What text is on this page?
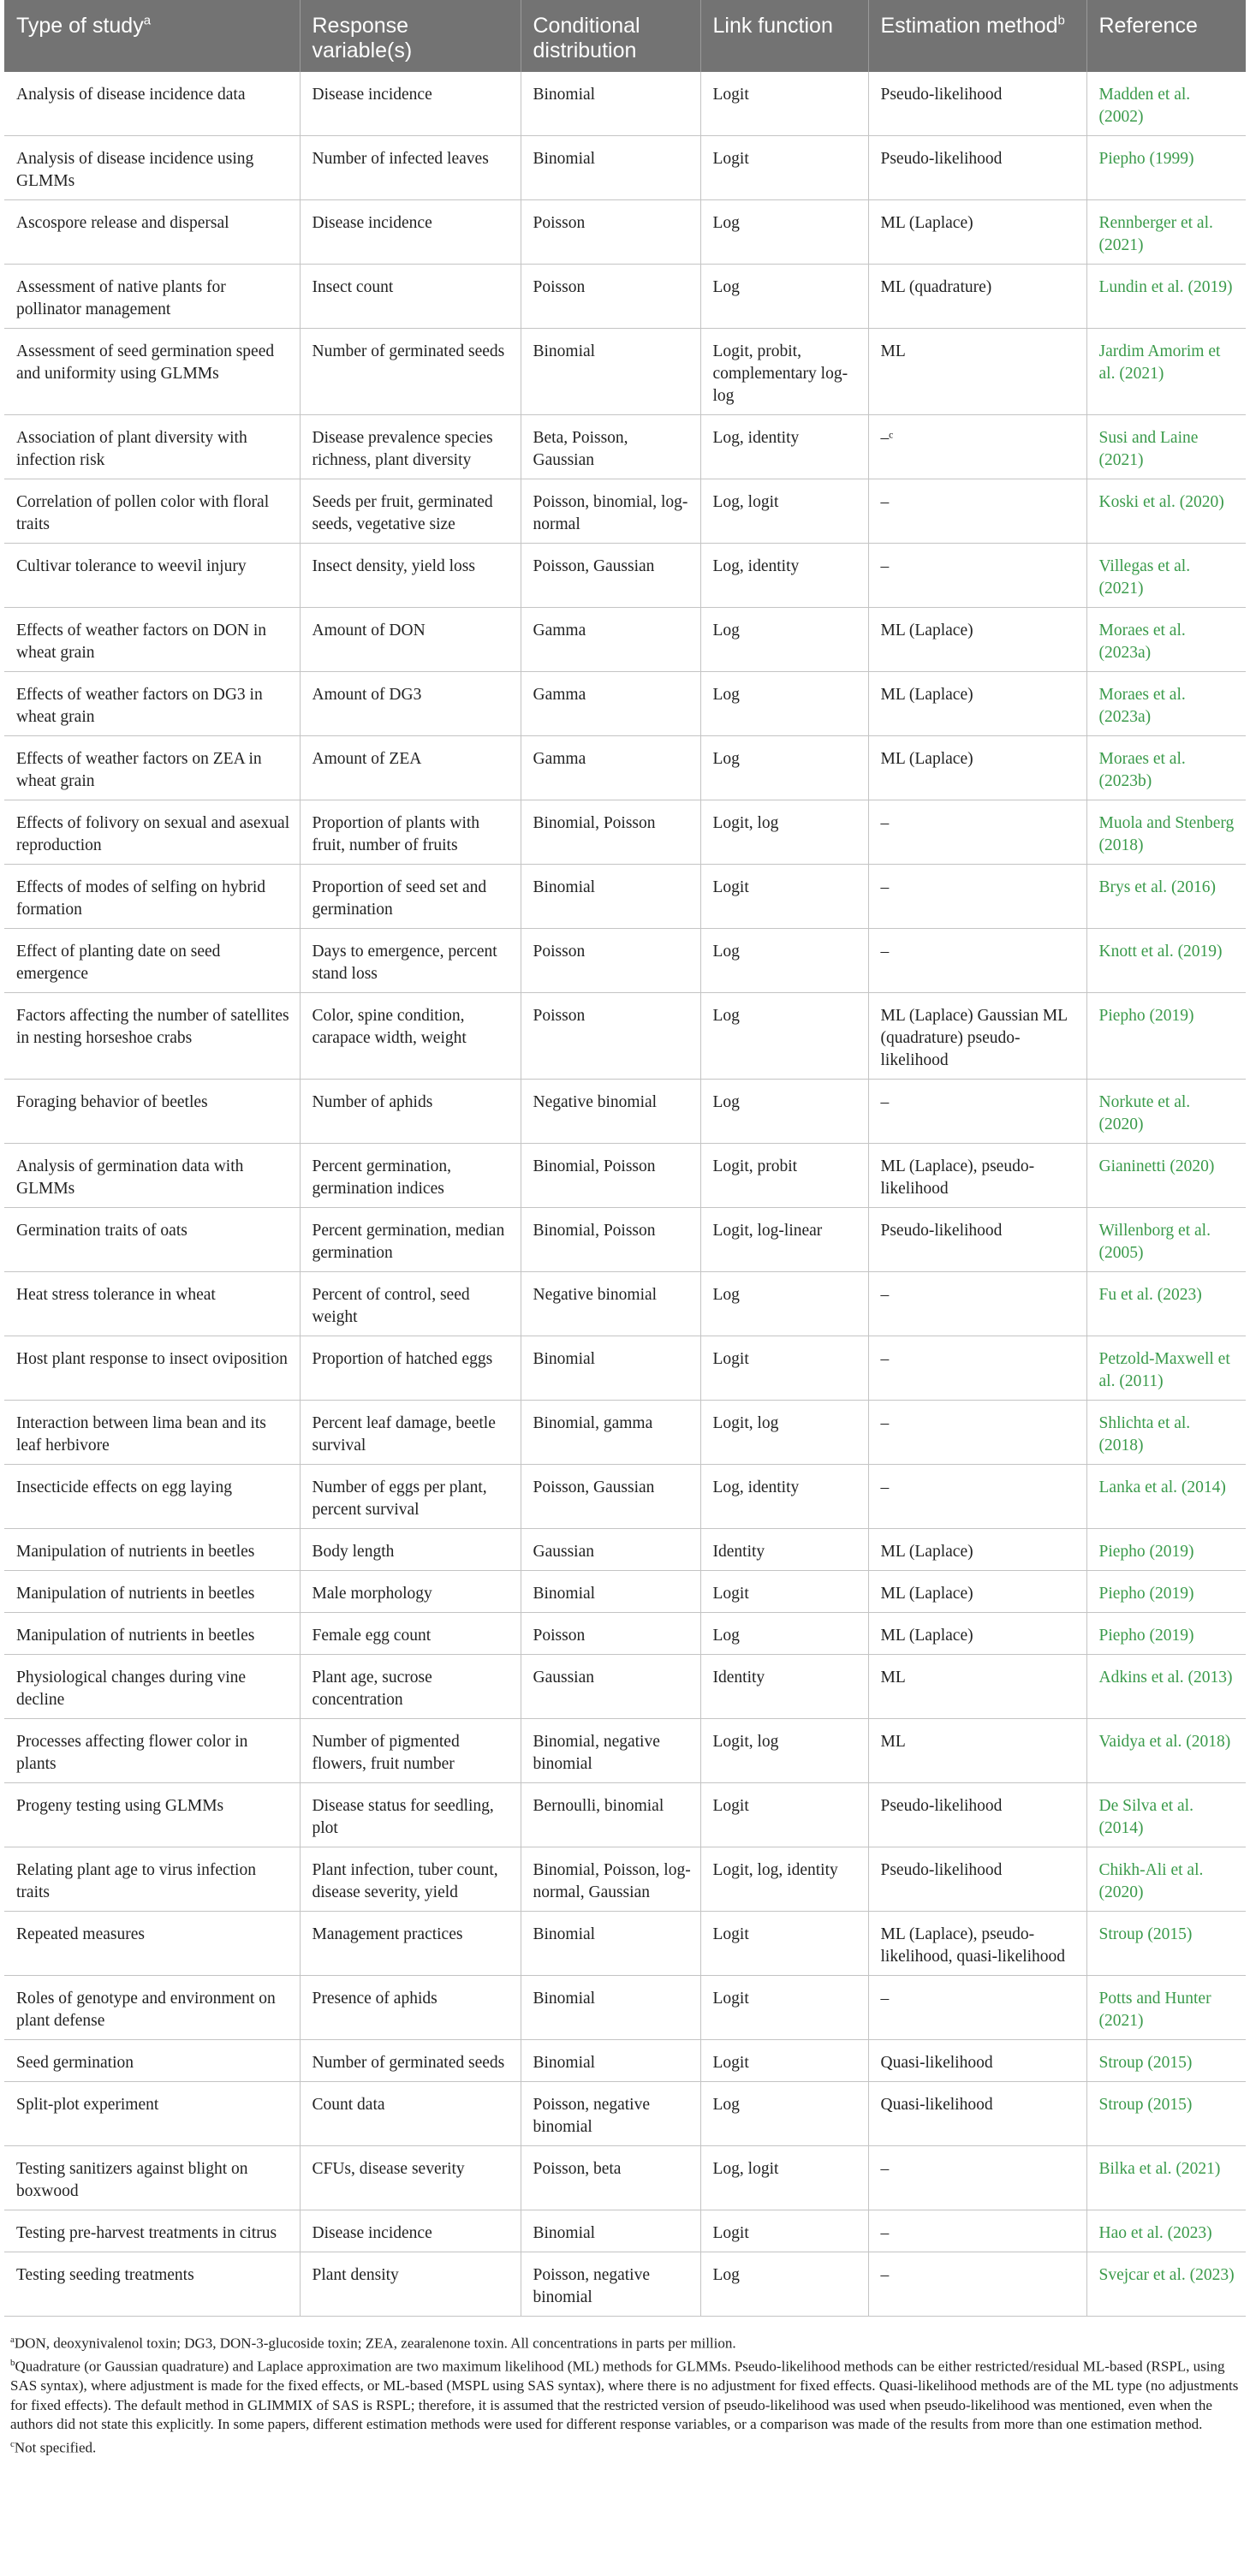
Type of study$^a$	Response variable(s)	Conditional distribution	Link function	Estimation method$^b$	Reference
Analysis of disease incidence data	Disease incidence	Binomial	Logit	Pseudo-likelihood	Madden et al. (2002)
Analysis of disease incidence using GLMMs	Number of infected leaves	Binomial	Logit	Pseudo-likelihood	Piepho (1999)
Ascospore release and dispersal	Disease incidence	Poisson	Log	ML (Laplace)	Rennberger et al. (2021)
Assessment of native plants for pollinator management	Insect count	Poisson	Log	ML (quadrature)	Lundin et al. (2019)
Assessment of seed germination speed and uniformity using GLMMs	Number of germinated seeds	Binomial	Logit, probit, complementary log-log	ML	Jardim Amorim et al. (2021)
Association of plant diversity with infection risk	Disease prevalence species richness, plant diversity	Beta, Poisson, Gaussian	Log, identity	–ᶜ	Susi and Laine (2021)
Correlation of pollen color with floral traits	Seeds per fruit, germinated seeds, vegetative size	Poisson, binomial, log-normal	Log, logit	–	Koski et al. (2020)
Cultivar tolerance to weevil injury	Insect density, yield loss	Poisson, Gaussian	Log, identity	–	Villegas et al. (2021)
Effects of weather factors on DON in wheat grain	Amount of DON	Gamma	Log	ML (Laplace)	Moraes et al. (2023a)
Effects of weather factors on DG3 in wheat grain	Amount of DG3	Gamma	Log	ML (Laplace)	Moraes et al. (2023a)
Effects of weather factors on ZEA in wheat grain	Amount of ZEA	Gamma	Log	ML (Laplace)	Moraes et al. (2023b)
Effects of folivory on sexual and asexual reproduction	Proportion of plants with fruit, number of fruits	Binomial, Poisson	Logit, log	–	Muola and Stenberg (2018)
Effects of modes of selfing on hybrid formation	Proportion of seed set and germination	Binomial	Logit	–	Brys et al. (2016)
Effect of planting date on seed emergence	Days to emergence, percent stand loss	Poisson	Log	–	Knott et al. (2019)
Factors affecting the number of satellites in nesting horseshoe crabs	Color, spine condition, carapace width, weight	Poisson	Log	ML (Laplace) Gaussian ML (quadrature) pseudo-likelihood	Piepho (2019)
Foraging behavior of beetles	Number of aphids	Negative binomial	Log	–	Norkute et al. (2020)
Analysis of germination data with GLMMs	Percent germination, germination indices	Binomial, Poisson	Logit, probit	ML (Laplace), pseudo-likelihood	Gianinetti (2020)
Germination traits of oats	Percent germination, median germination	Binomial, Poisson	Logit, log-linear	Pseudo-likelihood	Willenborg et al. (2005)
Heat stress tolerance in wheat	Percent of control, seed weight	Negative binomial	Log	–	Fu et al. (2023)
Host plant response to insect oviposition	Proportion of hatched eggs	Binomial	Logit	–	Petzold-Maxwell et al. (2011)
Interaction between lima bean and its leaf herbivore	Percent leaf damage, beetle survival	Binomial, gamma	Logit, log	–	Shlichta et al. (2018)
Insecticide effects on egg laying	Number of eggs per plant, percent survival	Poisson, Gaussian	Log, identity	–	Lanka et al. (2014)
Manipulation of nutrients in beetles	Body length	Gaussian	Identity	ML (Laplace)	Piepho (2019)
Manipulation of nutrients in beetles	Male morphology	Binomial	Logit	ML (Laplace)	Piepho (2019)
Manipulation of nutrients in beetles	Female egg count	Poisson	Log	ML (Laplace)	Piepho (2019)
Physiological changes during vine decline	Plant age, sucrose concentration	Gaussian	Identity	ML	Adkins et al. (2013)
Processes affecting flower color in plants	Number of pigmented flowers, fruit number	Binomial, negative binomial	Logit, log	ML	Vaidya et al. (2018)
Progeny testing using GLMMs	Disease status for seedling, plot	Bernoulli, binomial	Logit	Pseudo-likelihood	De Silva et al. (2014)
Relating plant age to virus infection traits	Plant infection, tuber count, disease severity, yield	Binomial, Poisson, log-normal, Gaussian	Logit, log, identity	Pseudo-likelihood	Chikh-Ali et al. (2020)
Repeated measures	Management practices	Binomial	Logit	ML (Laplace), pseudo-likelihood, quasi-likelihood	Stroup (2015)
Roles of genotype and environment on plant defense	Presence of aphids	Binomial	Logit	–	Potts and Hunter (2021)
Seed germination	Number of germinated seeds	Binomial	Logit	Quasi-likelihood	Stroup (2015)
Split-plot experiment	Count data	Poisson, negative binomial	Log	Quasi-likelihood	Stroup (2015)
Testing sanitizers against blight on boxwood	CFUs, disease severity	Poisson, beta	Log, logit	–	Bilka et al. (2021)
Testing pre-harvest treatments in citrus	Disease incidence	Binomial	Logit	–	Hao et al. (2023)
Testing seeding treatments	Plant density	Poisson, negative binomial	Log	–	Svejcar et al. (2023)

$^a$DON, deoxynivalenol toxin; DG3, DON-3-glucoside toxin; ZEA, zearalenone toxin. All concentrations in parts per million.

$^b$Quadrature (or Gaussian quadrature) and Laplace approximation are two maximum likelihood (ML) methods for GLMMs. Pseudo-likelihood methods can be either restricted/residual ML-based (RSPL, using SAS syntax), where adjustment is made for the fixed effects, or ML-based (MSPL using SAS syntax), where there is no adjustment for fixed effects. Quasi-likelihood methods are of the ML type (no adjustments for fixed effects). The default method in GLIMMIX of SAS is RSPL; therefore, it is assumed that the restricted version of pseudo-likelihood was used when pseudo-likelihood was mentioned, even when the authors did not state this explicitly. In some papers, different estimation methods were used for different response variables, or a comparison was made of the results from more than one estimation method.

$^c$Not specified.
